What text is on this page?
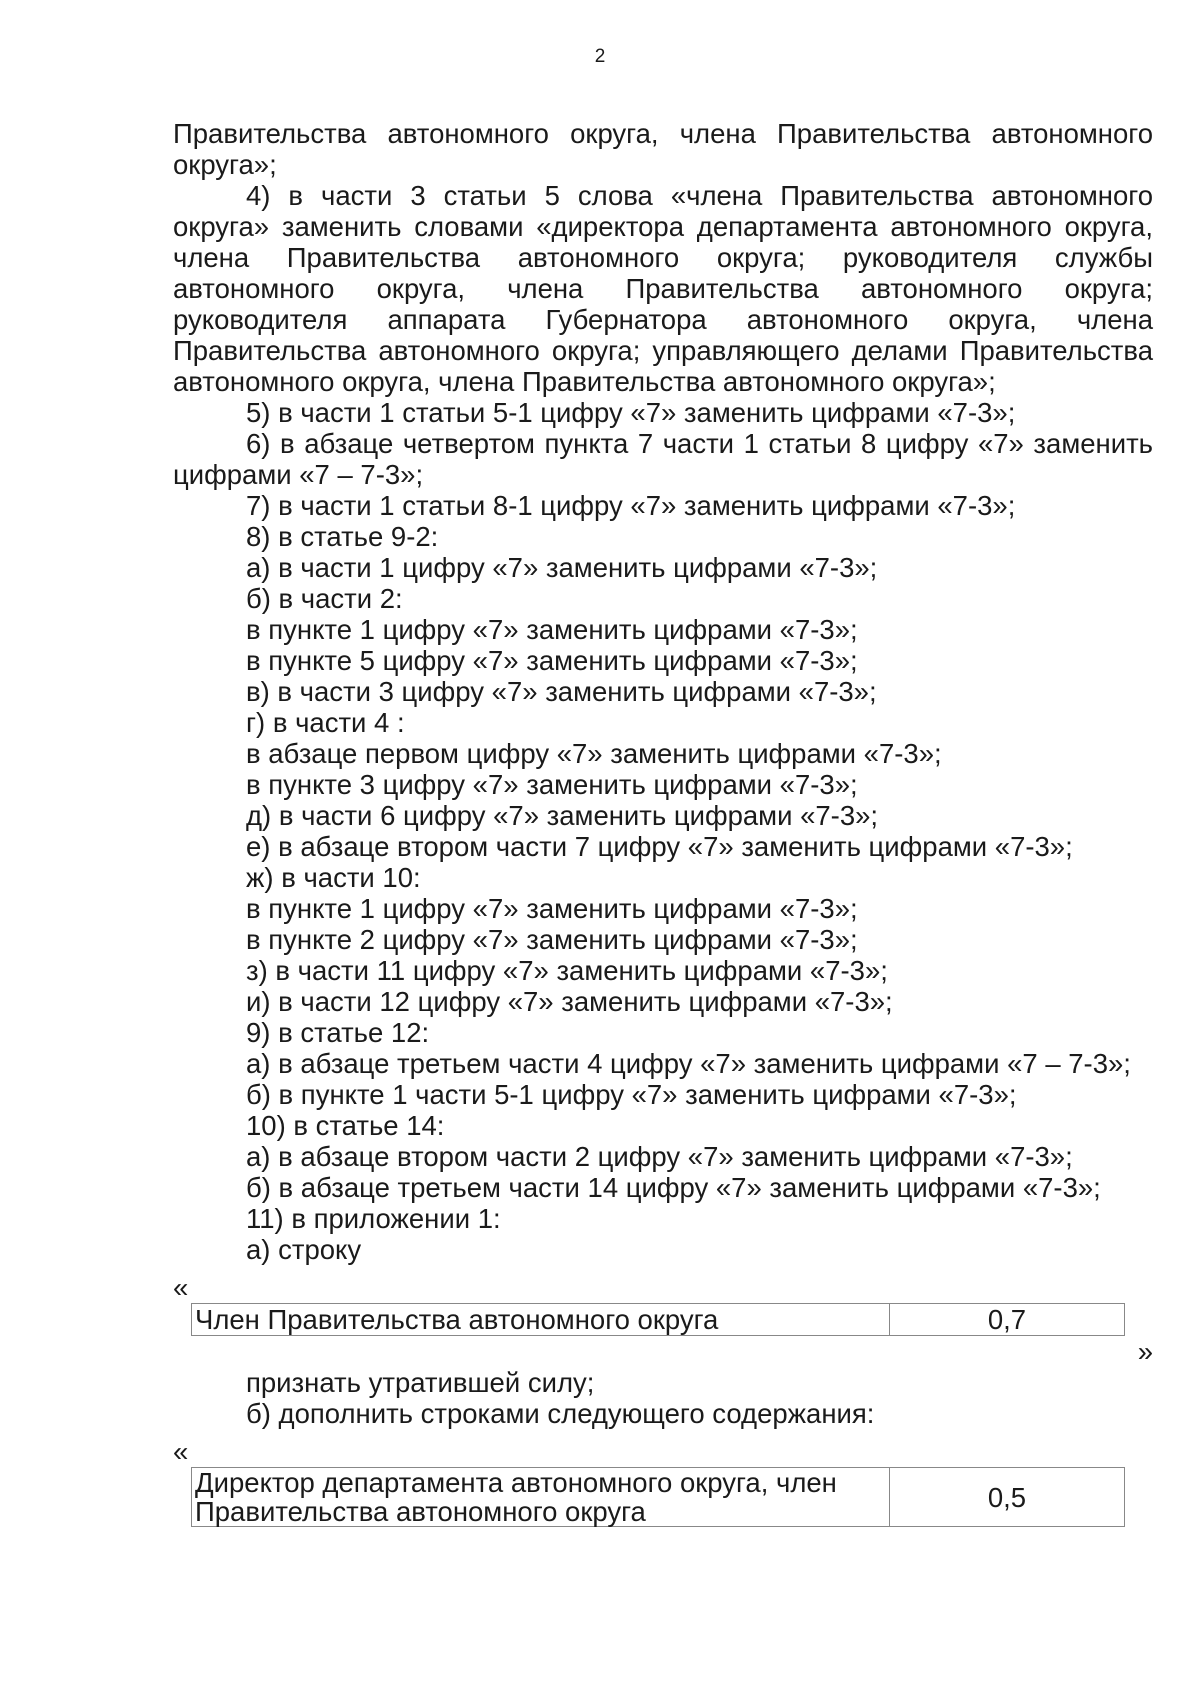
2

Правительства автономного округа, члена Правительства автономного
округа»;

4) в части 3 статьи 5 слова «члена Правительства автономного округа» заменить словами «директора департамента автономного округа, члена Правительства автономного округа; руководителя службы автономного округа, члена Правительства автономного округа; руководителя аппарата Губернатора автономного округа, члена Правительства автономного округа; управляющего делами Правительства автономного округа, члена Правительства автономного округа»;

5) в части 1 статьи 5-1 цифру «7» заменить цифрами «7-3»;

6) в абзаце четвертом пункта 7 части 1 статьи 8 цифру «7» заменить цифрами «7 – 7-3»;

7) в части 1 статьи 8-1 цифру «7» заменить цифрами «7-3»;

8) в статье 9-2:

а) в части 1 цифру «7» заменить цифрами «7-3»;

б) в части 2:

в пункте 1 цифру «7» заменить цифрами «7-3»;

в пункте 5 цифру «7» заменить цифрами «7-3»;

в) в части 3 цифру «7» заменить цифрами «7-3»;

г) в части 4 :

в абзаце первом цифру «7» заменить цифрами «7-3»;

в пункте 3 цифру «7» заменить цифрами «7-3»;

д) в части 6 цифру «7» заменить цифрами «7-3»;

е) в абзаце втором части 7 цифру «7» заменить цифрами «7-3»;

ж) в части 10:

в пункте 1 цифру «7» заменить цифрами «7-3»;

в пункте 2 цифру «7» заменить цифрами «7-3»;

з) в части 11 цифру «7» заменить цифрами «7-3»;

и) в части 12 цифру «7» заменить цифрами «7-3»;

9) в статье 12:

а) в абзаце третьем части 4 цифру «7» заменить цифрами «7 – 7-3»;

б) в пункте 1 части 5-1 цифру «7» заменить цифрами «7-3»;

10) в статье 14:

а) в абзаце втором части 2 цифру «7» заменить цифрами «7-3»;

б) в абзаце третьем части 14 цифру «7» заменить цифрами «7-3»;

11) в приложении 1:

а) строку

«

Член Правительства автономного округа	0,7

»

признать утратившей силу;

б) дополнить строками следующего содержания:

«

Директор департамента автономного округа, член Правительства автономного округа	0,5
